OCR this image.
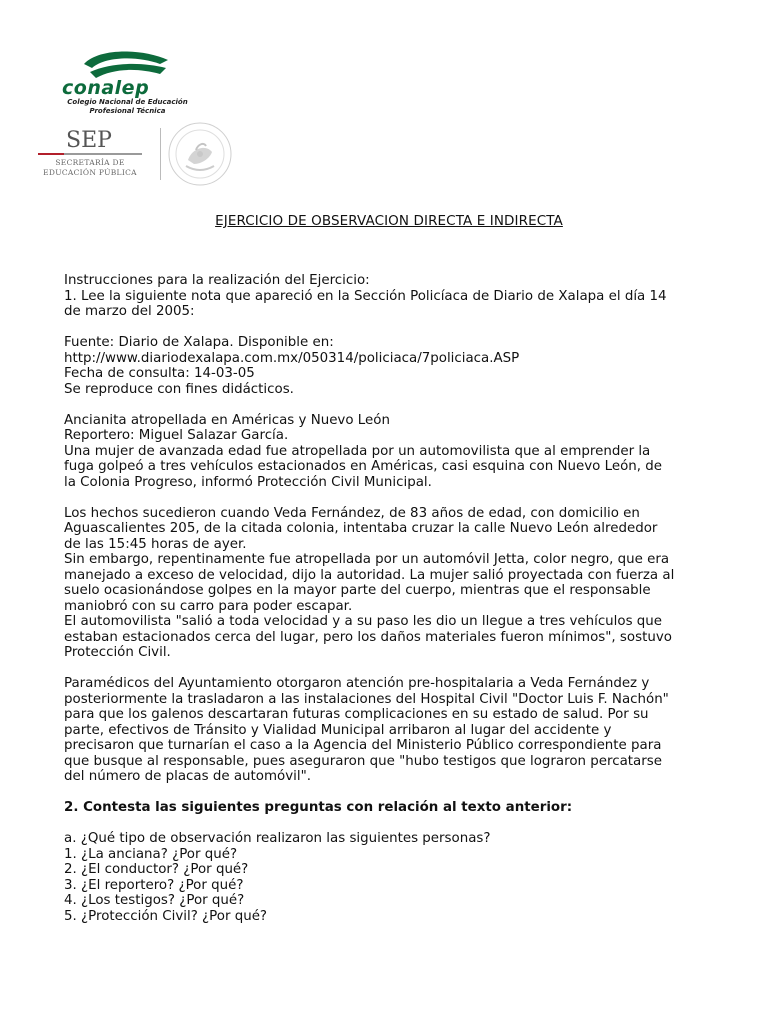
conalep
Colegio Nacional de Educación
Profesional Técnica
SEP
SECRETARÍA DE
EDUCACIÓN PÚBLICA
EJERCICIO DE OBSERVACION DIRECTA E INDIRECTA

Instrucciones para la realización del Ejercicio:

1. Lee la siguiente nota que apareció en la Sección Policíaca de Diario de Xalapa el día 14
de marzo del 2005:

Fuente: Diario de Xalapa. Disponible en:
http://www.diariodexalapa.com.mx/050314/policiaca/7policiaca.ASP
Fecha de consulta: 14-03-05
Se reproduce con fines didácticos.

Ancianita atropellada en Américas y Nuevo León

Reportero: Miguel Salazar García.

Una mujer de avanzada edad fue atropellada por un automovilista que al emprender la
fuga golpeó a tres vehículos estacionados en Américas, casi esquina con Nuevo León, de
la Colonia Progreso, informó Protección Civil Municipal.

Los hechos sucedieron cuando Veda Fernández, de 83 años de edad, con domicilio en
Aguascalientes 205, de la citada colonia, intentaba cruzar la calle Nuevo León alrededor
de las 15:45 horas de ayer.
Sin embargo, repentinamente fue atropellada por un automóvil Jetta, color negro, que era
manejado a exceso de velocidad, dijo la autoridad. La mujer salió proyectada con fuerza al
suelo ocasionándose golpes en la mayor parte del cuerpo, mientras que el responsable
maniobró con su carro para poder escapar.
El automovilista "salió a toda velocidad y a su paso les dio un llegue a tres vehículos que
estaban estacionados cerca del lugar, pero los daños materiales fueron mínimos", sostuvo
Protección Civil.

Paramédicos del Ayuntamiento otorgaron atención pre-hospitalaria a Veda Fernández y
posteriormente la trasladaron a las instalaciones del Hospital Civil "Doctor Luis F. Nachón"
para que los galenos descartaran futuras complicaciones en su estado de salud. Por su
parte, efectivos de Tránsito y Vialidad Municipal arribaron al lugar del accidente y
precisaron que turnarían el caso a la Agencia del Ministerio Público correspondiente para
que busque al responsable, pues aseguraron que "hubo testigos que lograron percatarse
del número de placas de automóvil".

2. Contesta las siguientes preguntas con relación al texto anterior:

a. ¿Qué tipo de observación realizaron las siguientes personas?

1. ¿La anciana? ¿Por qué?

2. ¿El conductor? ¿Por qué?

3. ¿El reportero? ¿Por qué?

4. ¿Los testigos? ¿Por qué?

5. ¿Protección Civil? ¿Por qué?
